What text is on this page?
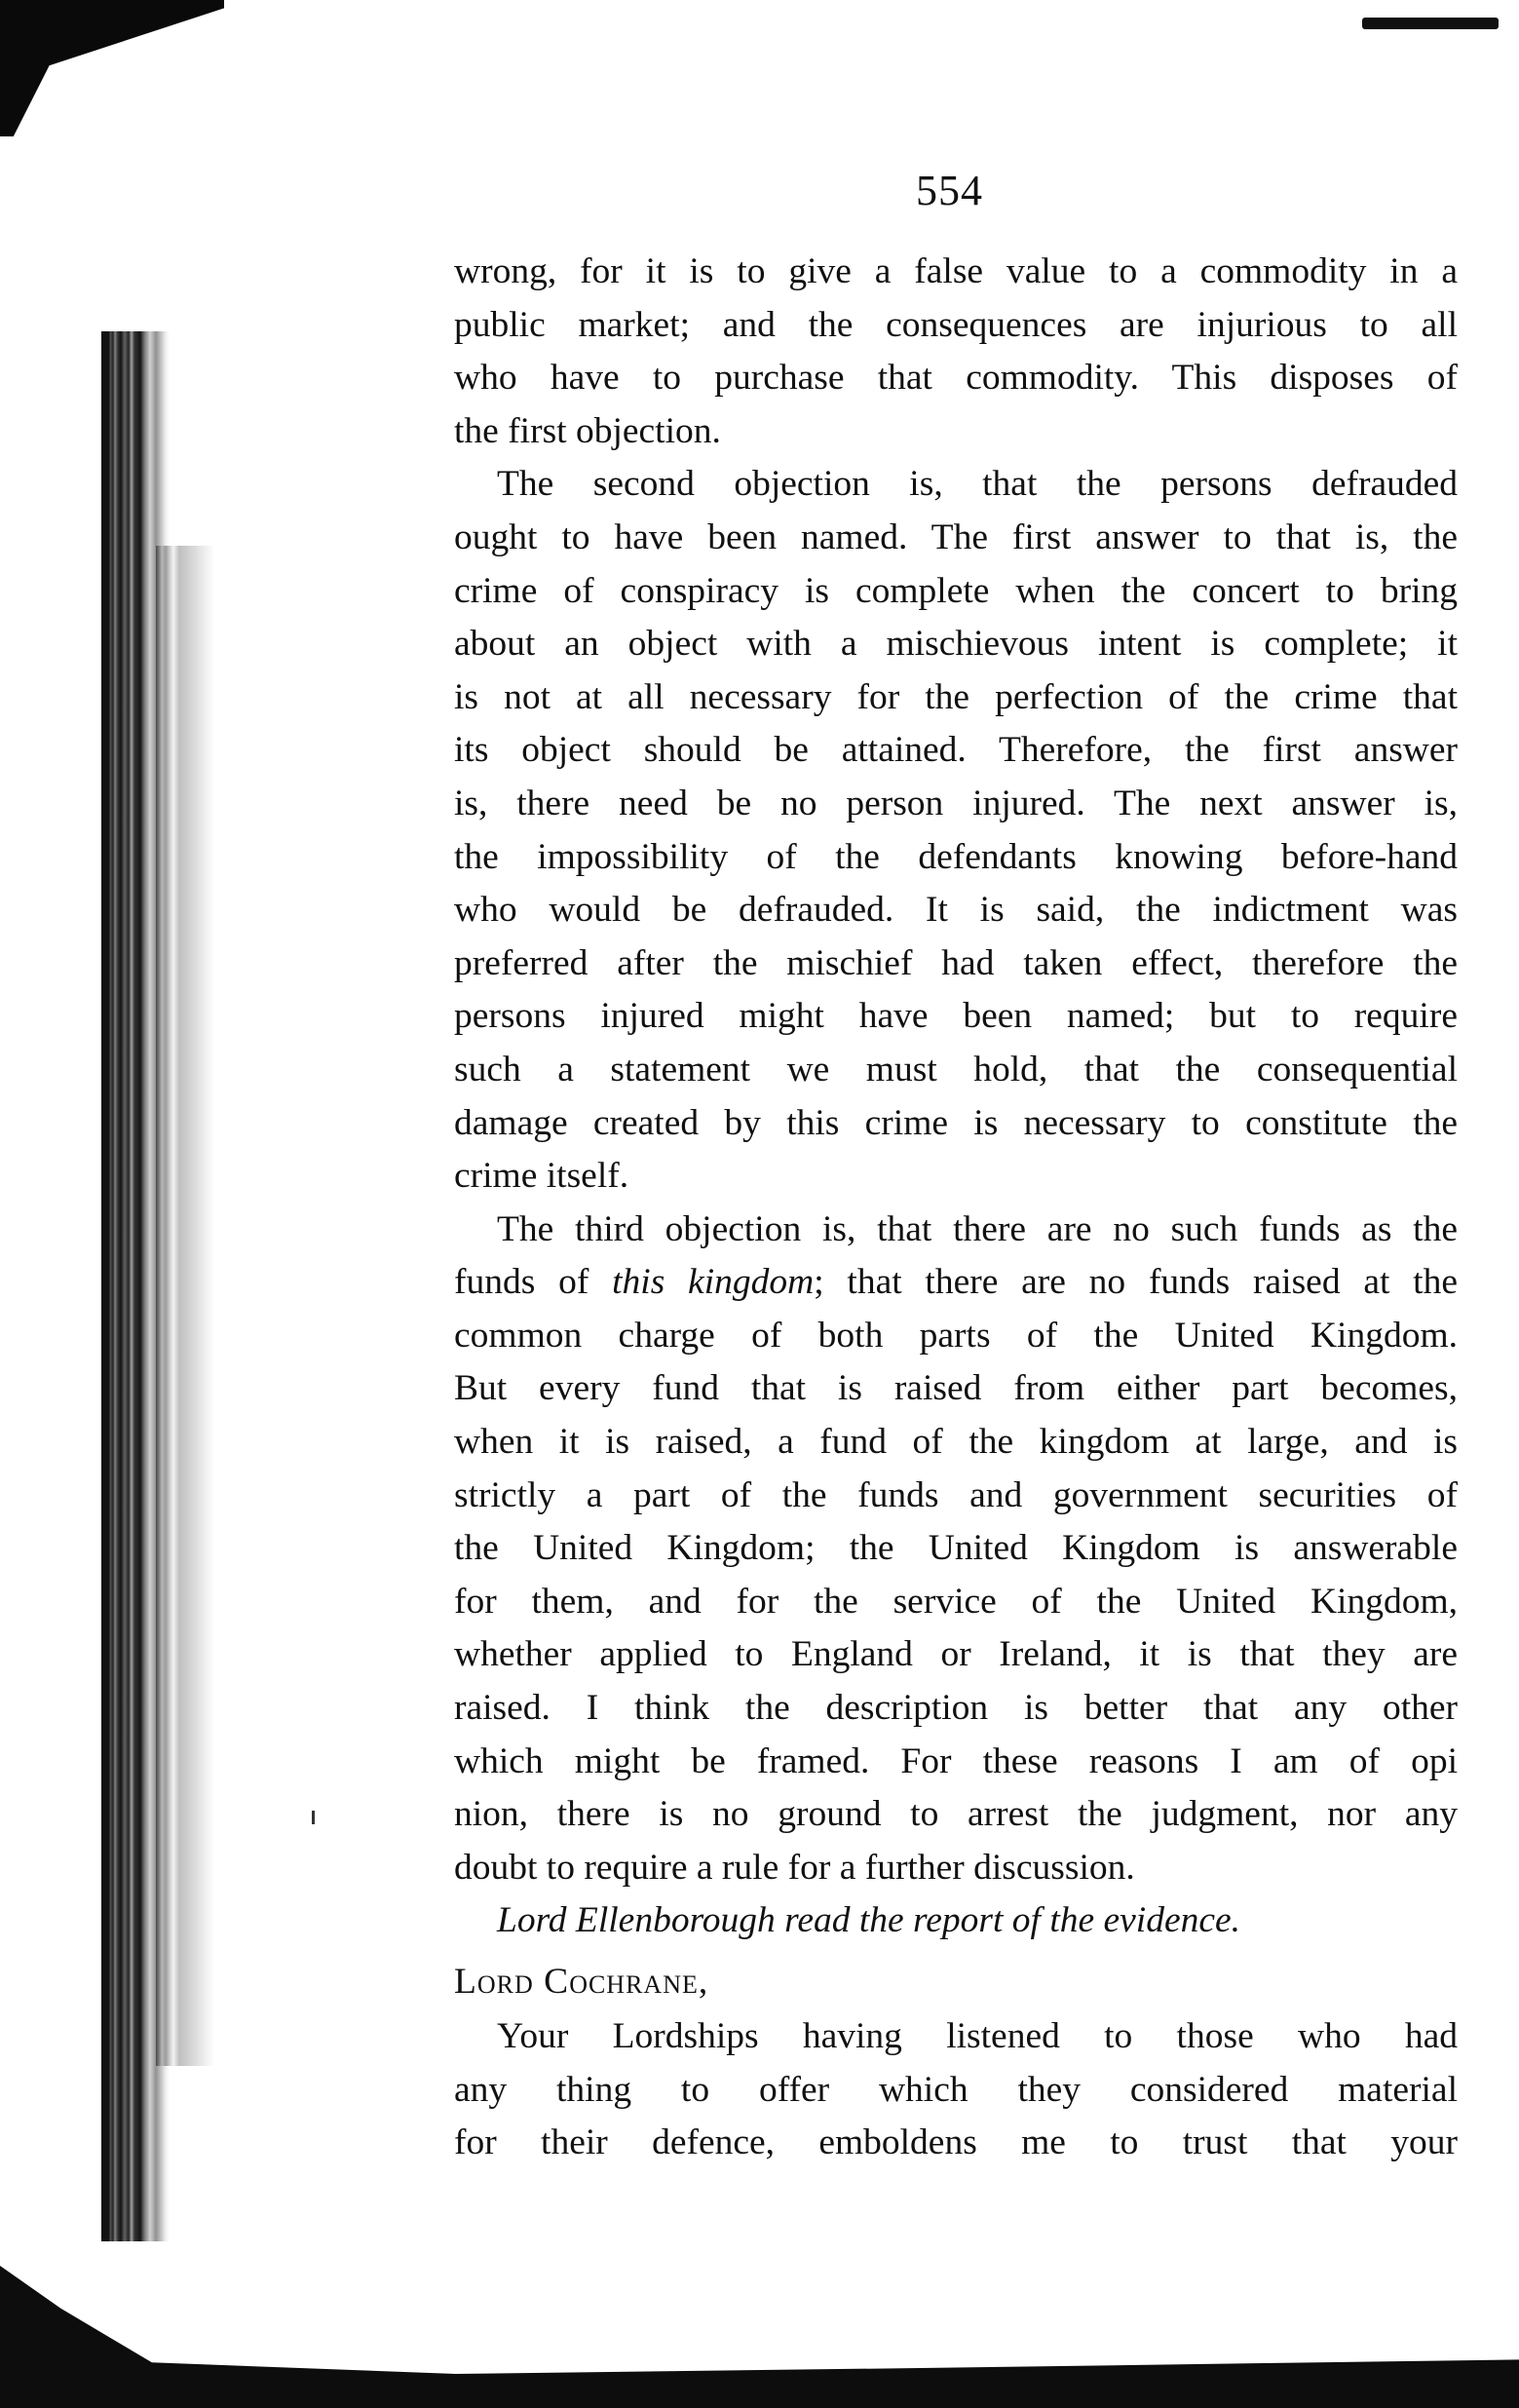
554

wrong, for it is to give a false value to a commodity in a
public market; and the consequences are injurious to all
who have to purchase that commodity. This disposes of
the first objection.

The second objection is, that the persons defrauded
ought to have been named. The first answer to that is, the
crime of conspiracy is complete when the concert to bring
about an object with a mischievous intent is complete; it
is not at all necessary for the perfection of the crime that
its object should be attained. Therefore, the first answer
is, there need be no person injured. The next answer is,
the impossibility of the defendants knowing before-hand
who would be defrauded. It is said, the indictment was
preferred after the mischief had taken effect, therefore the
persons injured might have been named; but to require
such a statement we must hold, that the consequential
damage created by this crime is necessary to constitute the
crime itself.

The third objection is, that there are no such funds as the
funds of this kingdom; that there are no funds raised at the
common charge of both parts of the United Kingdom.
But every fund that is raised from either part becomes,
when it is raised, a fund of the kingdom at large, and is
strictly a part of the funds and government securities of
the United Kingdom; the United Kingdom is answerable
for them, and for the service of the United Kingdom,
whether applied to England or Ireland, it is that they are
raised. I think the description is better that any other
which might be framed. For these reasons I am of opi
nion, there is no ground to arrest the judgment, nor any
doubt to require a rule for a further discussion.

Lord Ellenborough read the report of the evidence.
Lord Cochrane,

Your Lordships having listened to those who had
any thing to offer which they considered material
for their defence, emboldens me to trust that your
